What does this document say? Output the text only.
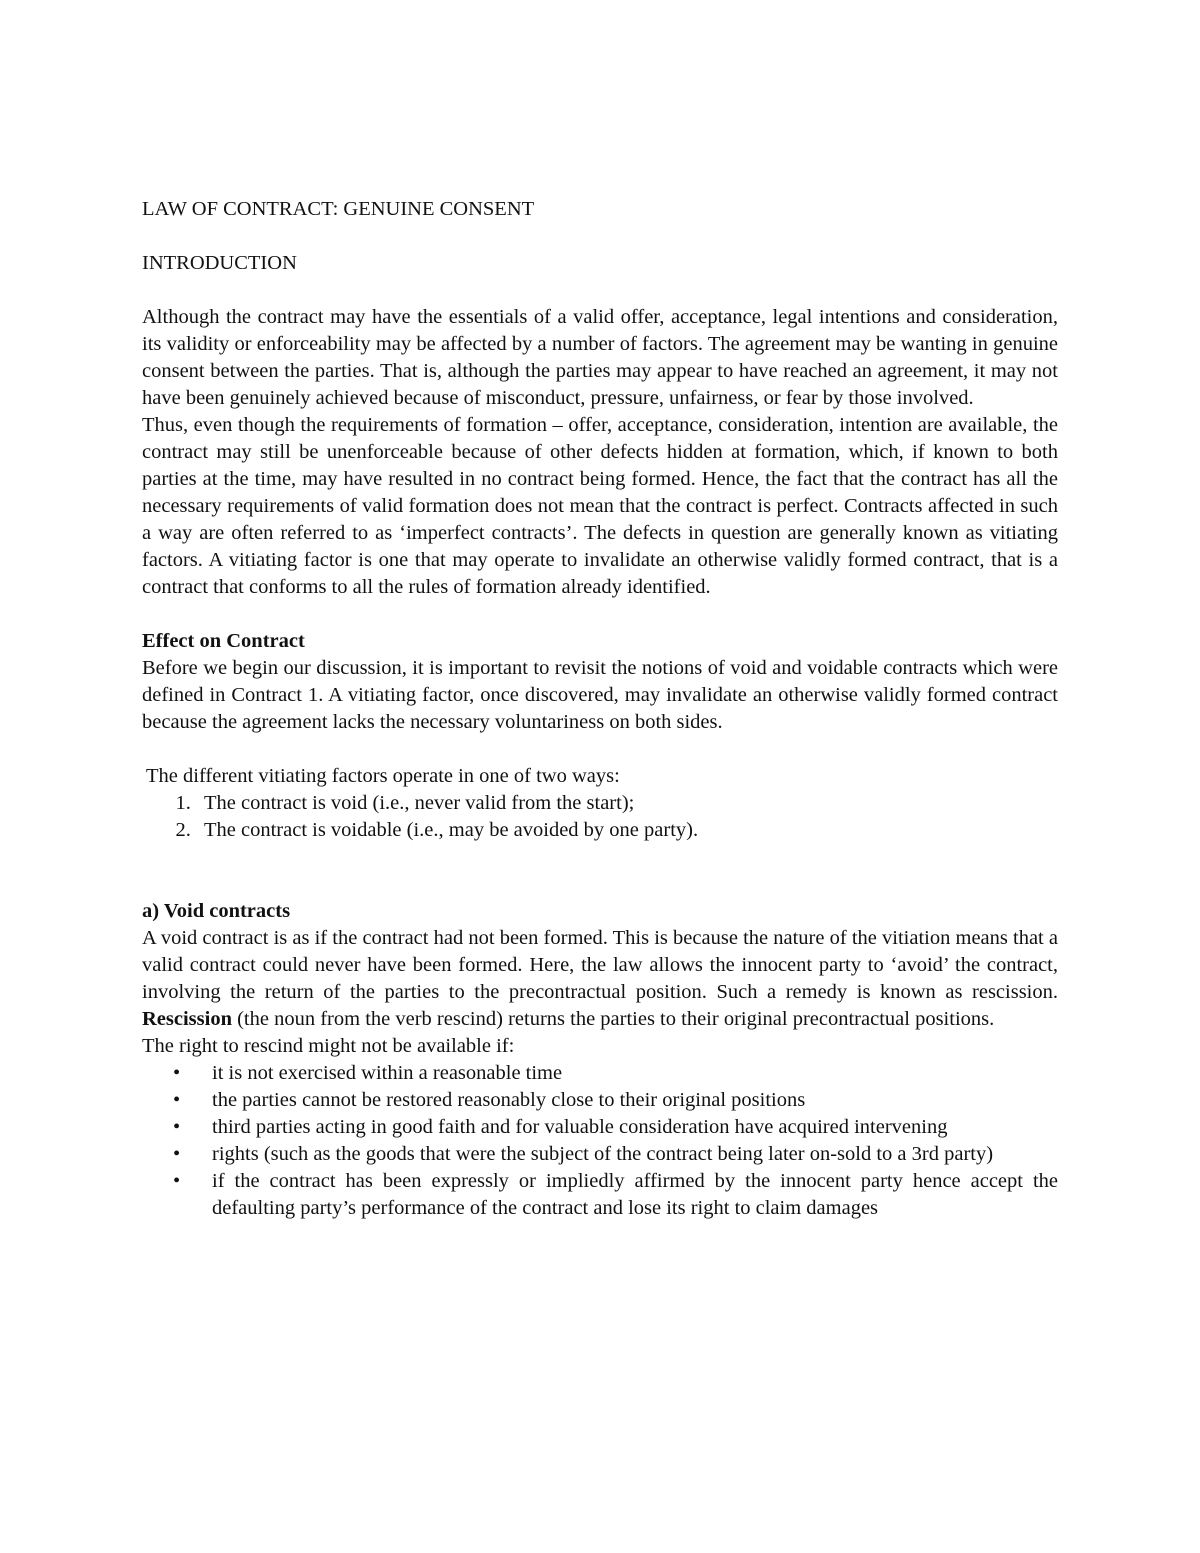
LAW OF CONTRACT: GENUINE CONSENT
INTRODUCTION

Although the contract may have the essentials of a valid offer, acceptance, legal intentions and consideration, its validity or enforceability may be affected by a number of factors. The agreement may be wanting in genuine consent between the parties. That is, although the parties may appear to have reached an agreement, it may not have been genuinely achieved because of misconduct, pressure, unfairness, or fear by those involved.

Thus, even though the requirements of formation – offer, acceptance, consideration, intention are available, the contract may still be unenforceable because of other defects hidden at formation, which, if known to both parties at the time, may have resulted in no contract being formed. Hence, the fact that the contract has all the necessary requirements of valid formation does not mean that the contract is perfect. Contracts affected in such a way are often referred to as ‘imperfect contracts’. The defects in question are generally known as vitiating factors. A vitiating factor is one that may operate to invalidate an otherwise validly formed contract, that is a contract that conforms to all the rules of formation already identified.

Effect on Contract

Before we begin our discussion, it is important to revisit the notions of void and voidable contracts which were defined in Contract 1. A vitiating factor, once discovered, may invalidate an otherwise validly formed contract because the agreement lacks the necessary voluntariness on both sides.

The different vitiating factors operate in one of two ways:

1. The contract is void (i.e., never valid from the start);
2. The contract is voidable (i.e., may be avoided by one party).
a) Void contracts

A void contract is as if the contract had not been formed. This is because the nature of the vitiation means that a valid contract could never have been formed. Here, the law allows the innocent party to ‘avoid’ the contract, involving the return of the parties to the precontractual position. Such a remedy is known as rescission. Rescission (the noun from the verb rescind) returns the parties to their original precontractual positions.

The right to rescind might not be available if:

• it is not exercised within a reasonable time
• the parties cannot be restored reasonably close to their original positions
• third parties acting in good faith and for valuable consideration have acquired intervening
• rights (such as the goods that were the subject of the contract being later on-sold to a 3rd party)
• if the contract has been expressly or impliedly affirmed by the innocent party hence accept the defaulting party’s performance of the contract and lose its right to claim damages
